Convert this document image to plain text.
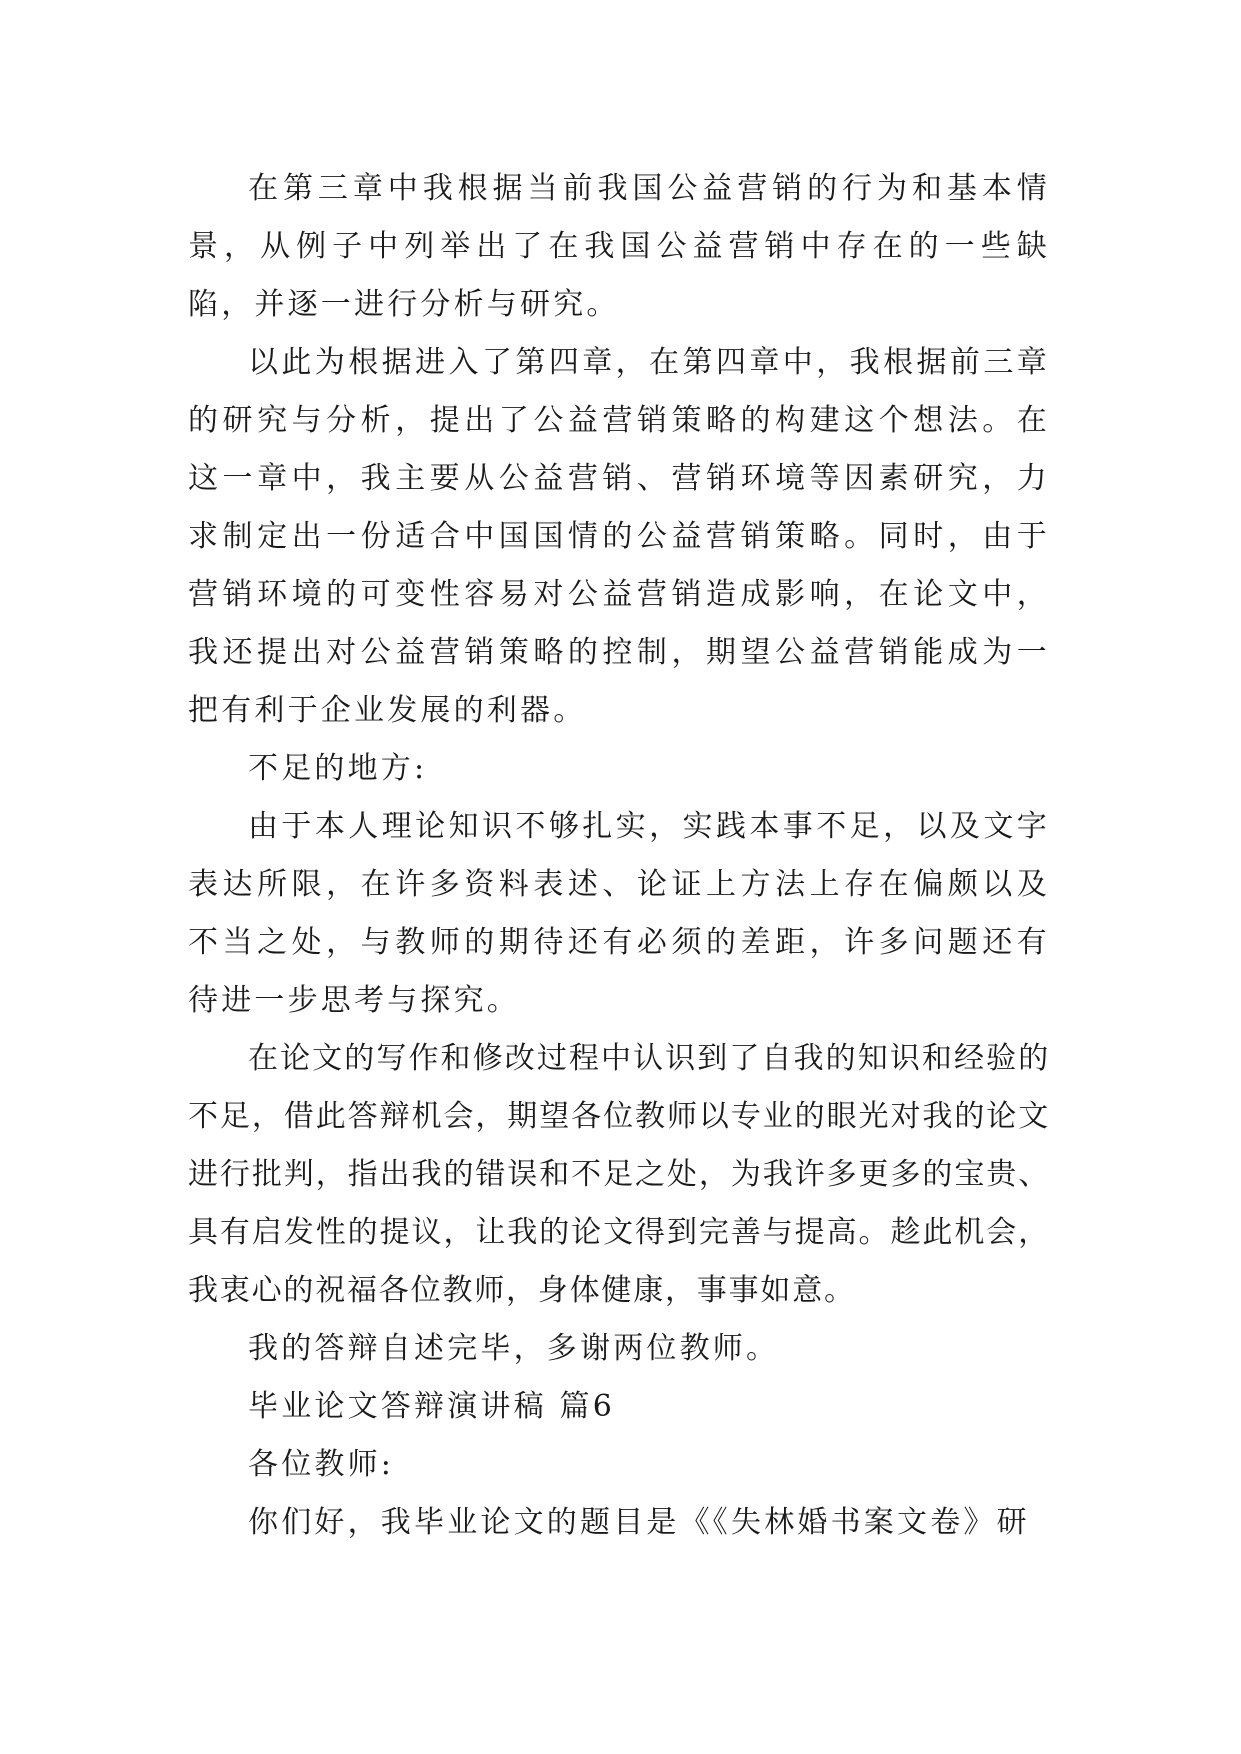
在第三章中我根据当前我国公益营销的行为和基本情景，从例子中列举出了在我国公益营销中存在的一些缺陷，并逐一进行分析与研究。

以此为根据进入了第四章，在第四章中，我根据前三章的研究与分析，提出了公益营销策略的构建这个想法。在这一章中，我主要从公益营销、营销环境等因素研究，力求制定出一份适合中国国情的公益营销策略。同时，由于营销环境的可变性容易对公益营销造成影响，在论文中，我还提出对公益营销策略的控制，期望公益营销能成为一把有利于企业发展的利器。

不足的地方:

由于本人理论知识不够扎实，实践本事不足，以及文字表达所限，在许多资料表述、论证上方法上存在偏颇以及不当之处，与教师的期待还有必须的差距，许多问题还有待进一步思考与探究。

在论文的写作和修改过程中认识到了自我的知识和经验的不足，借此答辩机会，期望各位教师以专业的眼光对我的论文进行批判，指出我的错误和不足之处，为我许多更多的宝贵、具有启发性的提议，让我的论文得到完善与提高。趁此机会，我衷心的祝福各位教师，身体健康，事事如意。

我的答辩自述完毕，多谢两位教师。

毕业论文答辩演讲稿 篇6

各位教师:

你们好，我毕业论文的题目是《《失林婚书案文卷》研
